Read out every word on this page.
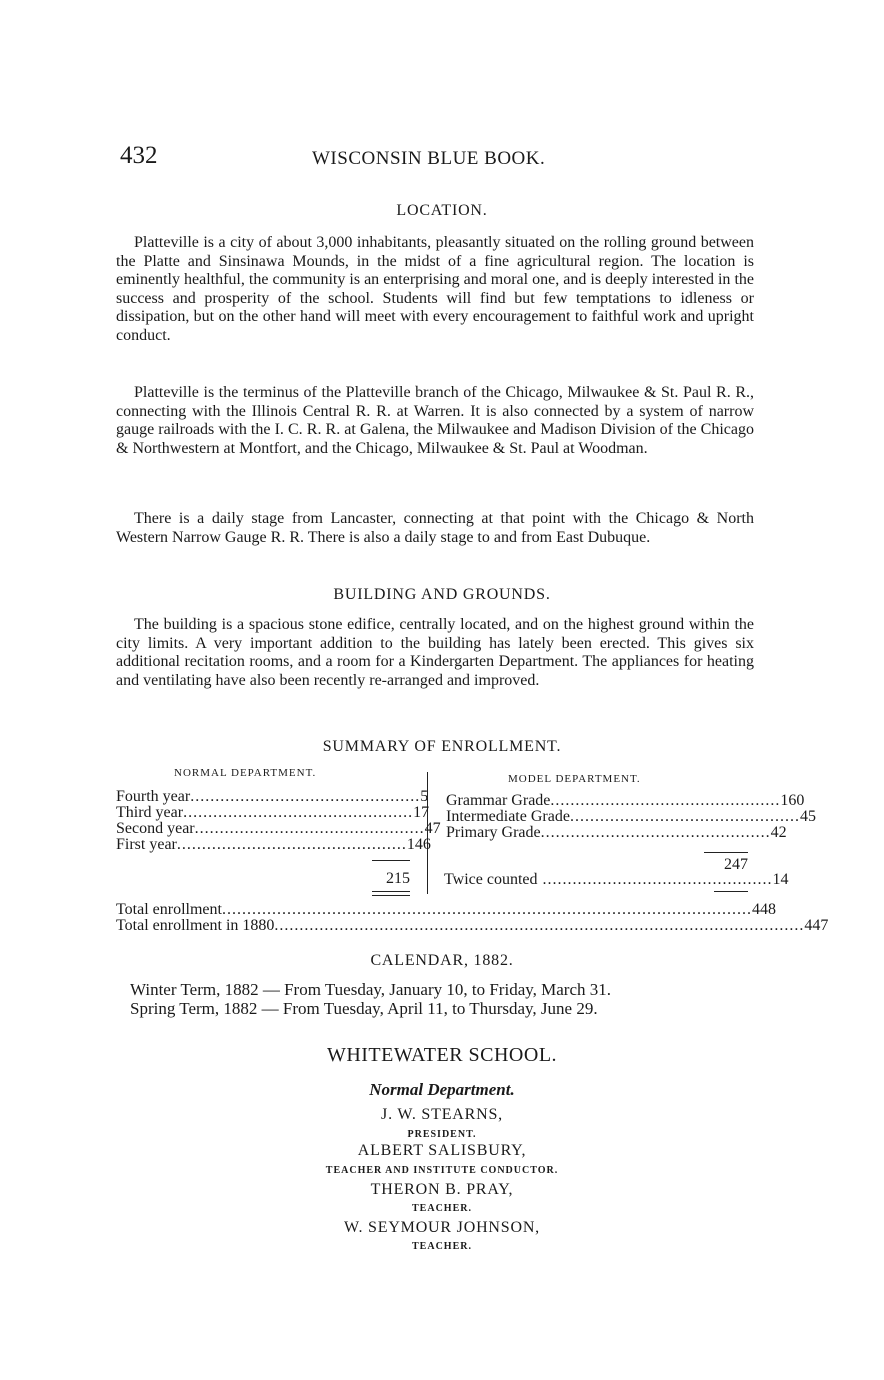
432	WISCONSIN BLUE BOOK.
LOCATION.

Platteville is a city of about 3,000 inhabitants, pleasantly situated on the rolling ground between the Platte and Sinsinawa Mounds, in the midst of a fine agricultural region. The location is eminently healthful, the community is an enterprising and moral one, and is deeply interested in the success and prosperity of the school. Students will find but few temptations to idleness or dissipation, but on the other hand will meet with every encouragement to faithful work and upright conduct.

Platteville is the terminus of the Platteville branch of the Chicago, Milwaukee & St. Paul R. R., connecting with the Illinois Central R. R. at Warren. It is also connected by a system of narrow gauge railroads with the I. C. R. R. at Galena, the Milwaukee and Madison Division of the Chicago & Northwestern at Montfort, and the Chicago, Milwaukee & St. Paul at Woodman.

There is a daily stage from Lancaster, connecting at that point with the Chicago & North Western Narrow Gauge R. R. There is also a daily stage to and from East Dubuque.

BUILDING AND GROUNDS.

The building is a spacious stone edifice, centrally located, and on the highest ground within the city limits. A very important addition to the building has lately been erected. This gives six additional recitation rooms, and a room for a Kindergarten Department. The appliances for heating and ventilating have also been recently re-arranged and improved.

SUMMARY OF ENROLLMENT.
NORMAL DEPARTMENT.	MODEL DEPARTMENT.
Fourth year .............................................. 5
Third year .............................................. 17
Second year .............................................. 47
First year .............................................. 146
215
Grammar Grade .............................................. 160
Intermediate Grade .............................................. 45
Primary Grade .............................................. 42
247
Twice counted .............................................. 14
Total enrollment .......................................................................................................... 448
Total enrollment in 1880 .......................................................................................................... 447
CALENDAR, 1882.
Winter Term, 1882 — From Tuesday, January 10, to Friday, March 31.
Spring Term, 1882 — From Tuesday, April 11, to Thursday, June 29.
WHITEWATER SCHOOL.
Normal Department.
J. W. STEARNS,
PRESIDENT.
ALBERT SALISBURY,
TEACHER AND INSTITUTE CONDUCTOR.
THERON B. PRAY,
TEACHER.
W. SEYMOUR JOHNSON,
TEACHER.
